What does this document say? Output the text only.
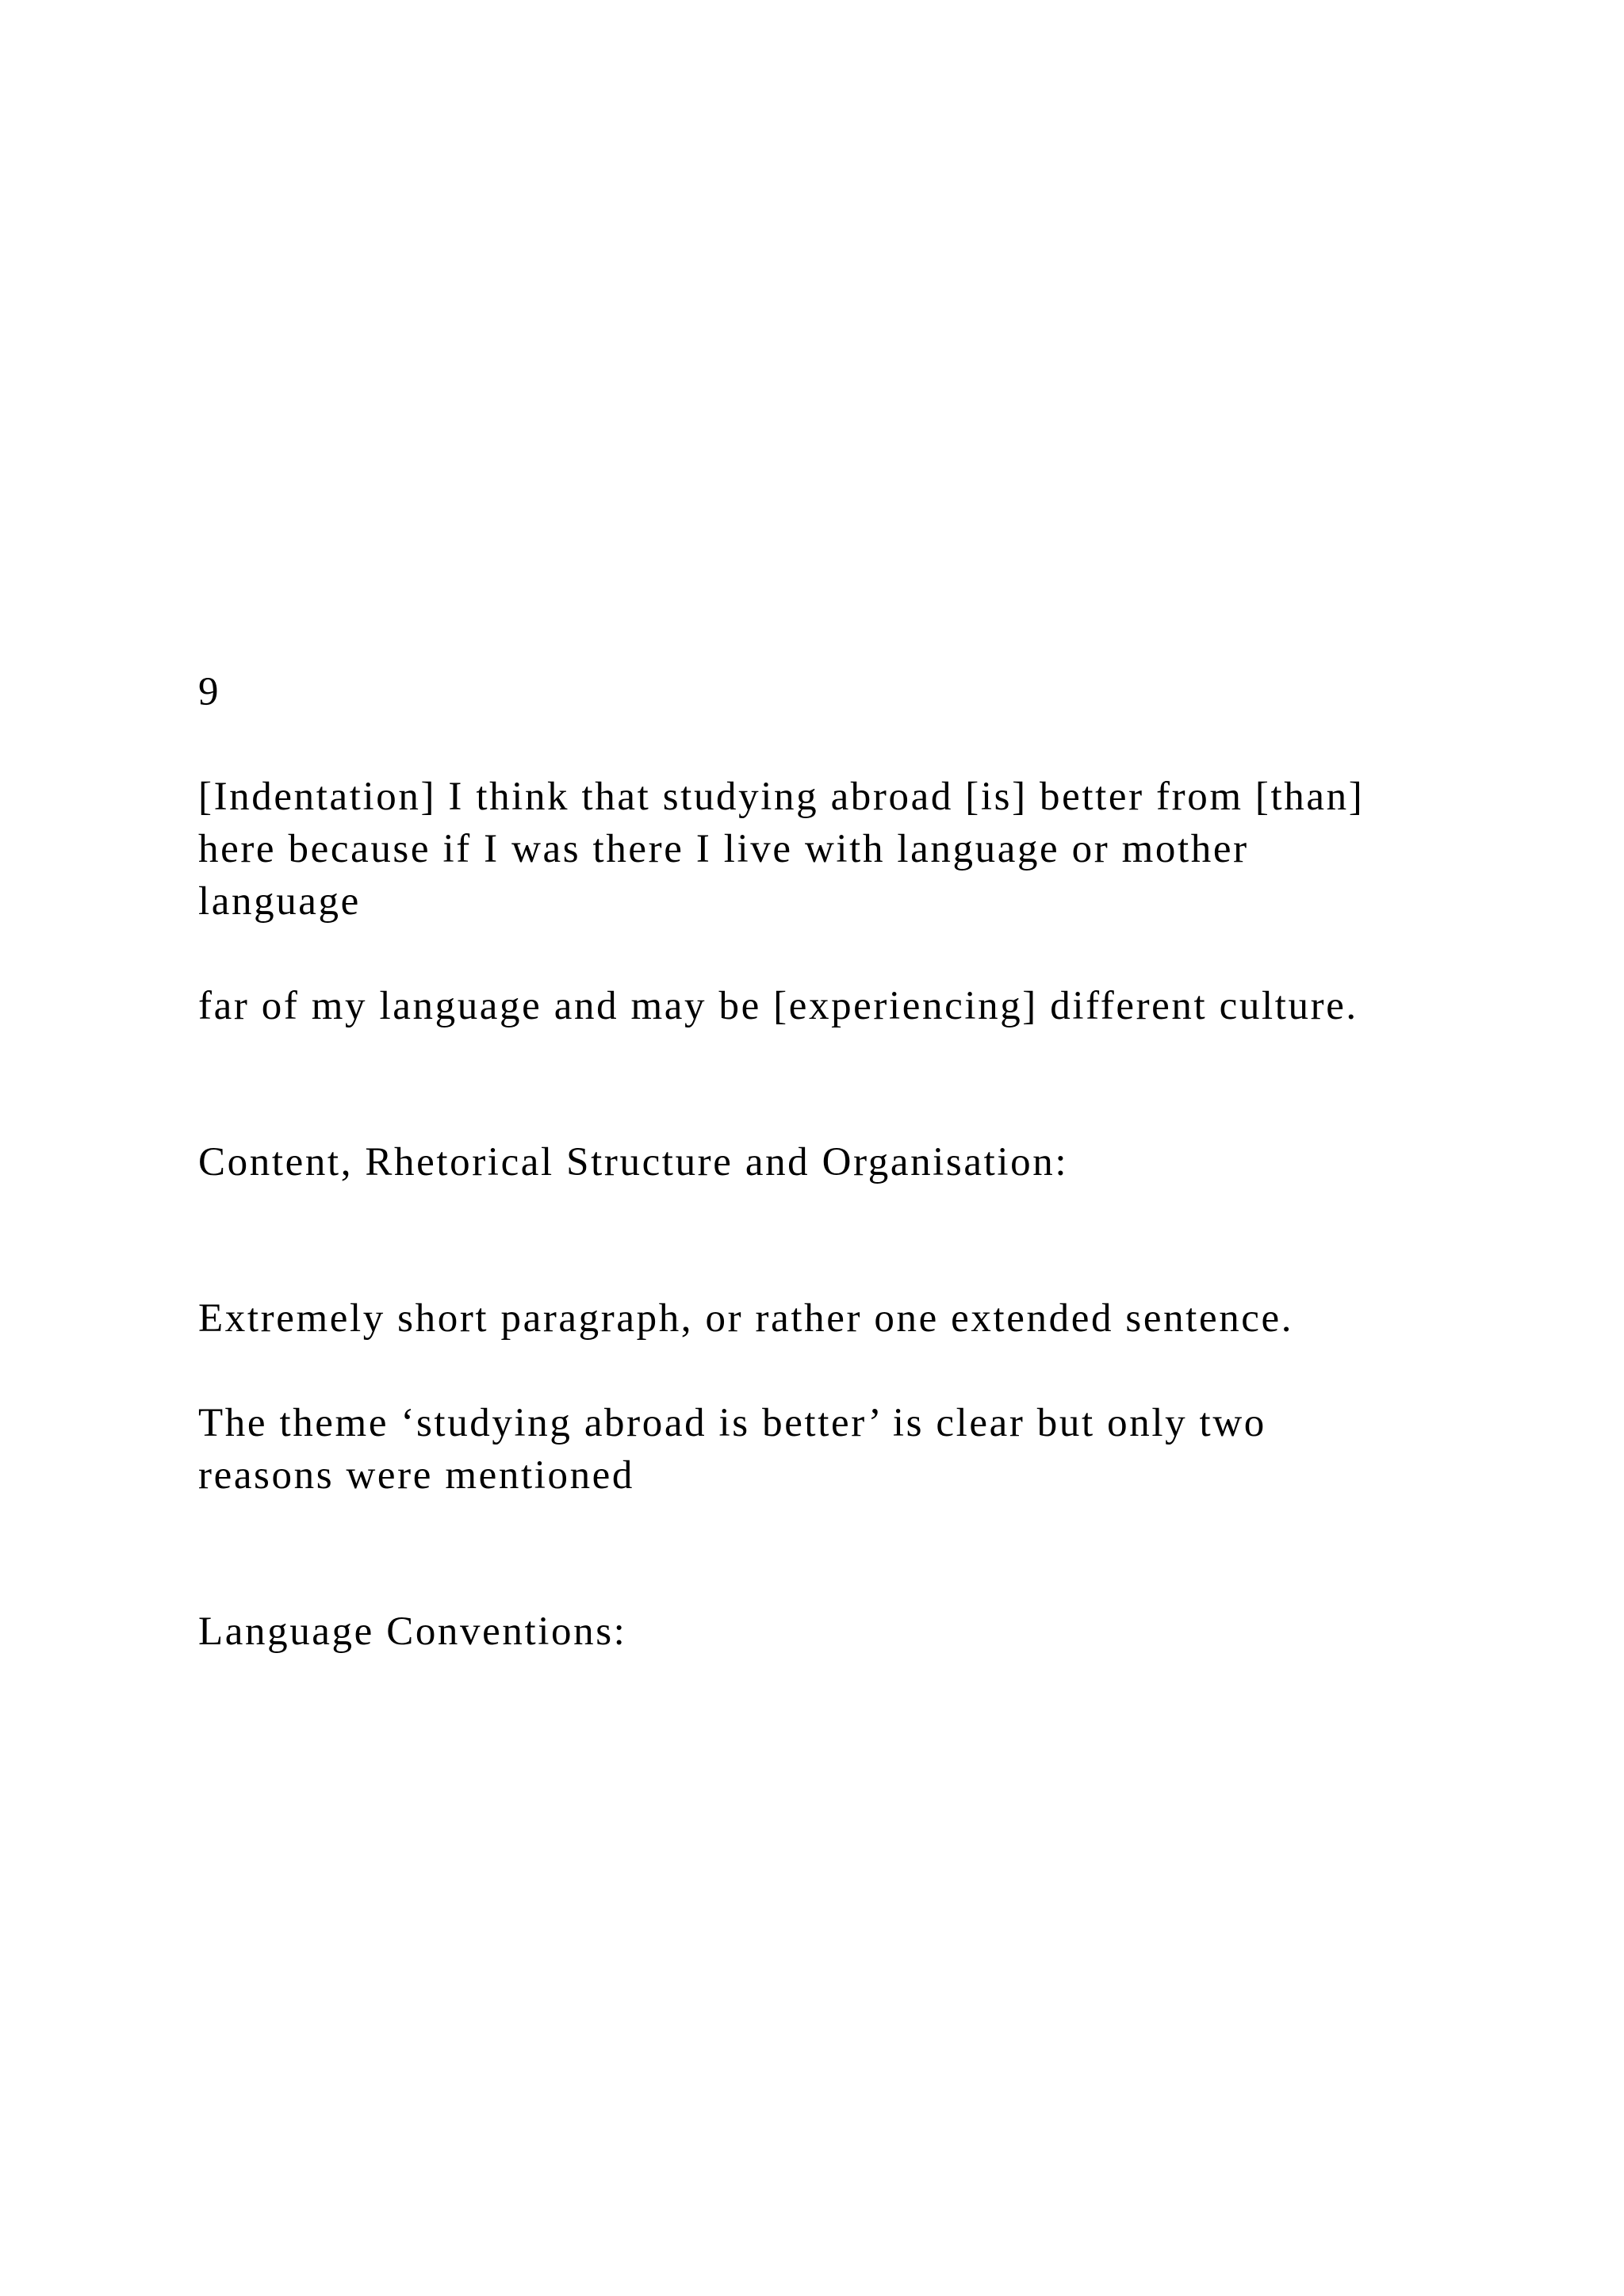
9
[Indentation] I think that studying abroad [is] better from [than]
here because if I was there I live with language or mother
language
far of my language and may be [experiencing] different culture.
Content, Rhetorical Structure and Organisation:
Extremely short paragraph, or rather one extended sentence.
The theme ‘studying abroad is better’ is clear but only two
reasons were mentioned
Language Conventions:
